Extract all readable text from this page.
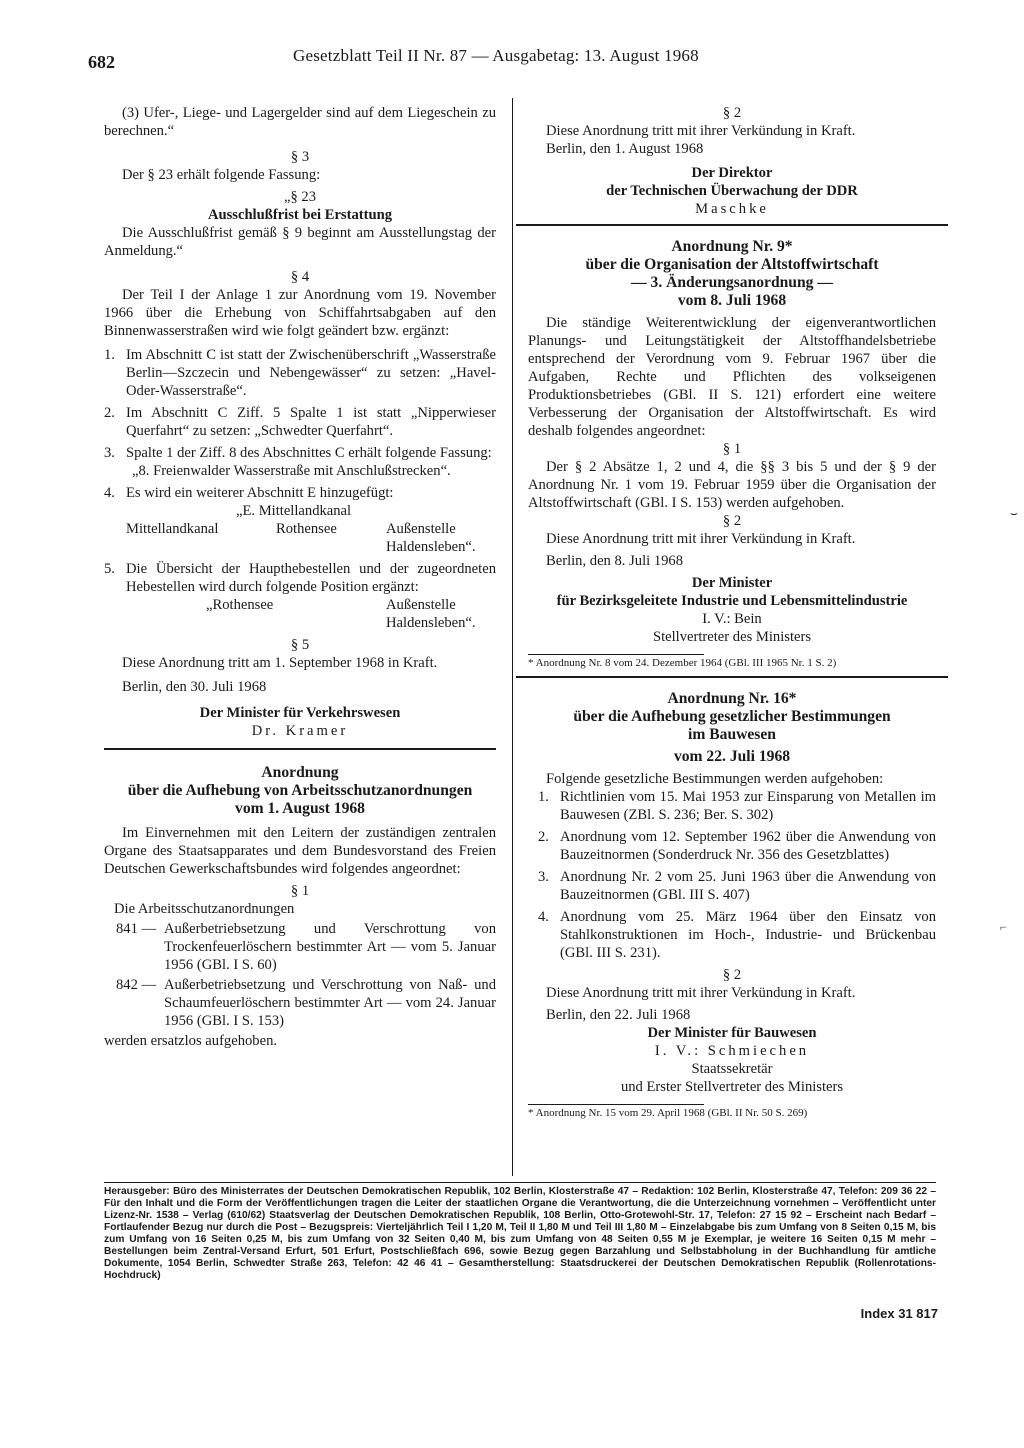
682	Gesetzblatt Teil II Nr. 87 — Ausgabetag: 13. August 1968

(3) Ufer-, Liege- und Lagergelder sind auf dem Liegeschein zu berechnen.“

§ 3

Der § 23 erhält folgende Fassung:

„§ 23
Ausschlußfrist bei Erstattung

Die Ausschlußfrist gemäß § 9 beginnt am Ausstellungstag der Anmeldung.“

§ 4

Der Teil I der Anlage 1 zur Anordnung vom 19. November 1966 über die Erhebung von Schiffahrtsabgaben auf den Binnenwasserstraßen wird wie folgt geändert bzw. ergänzt:

1. Im Abschnitt C ist statt der Zwischenüberschrift „Wasserstraße Berlin—Szczecin und Nebengewässer“ zu setzen: „Havel-Oder-Wasserstraße“.
2. Im Abschnitt C Ziff. 5 Spalte 1 ist statt „Nipperwieser Querfahrt“ zu setzen: „Schwedter Querfahrt“.
3. Spalte 1 der Ziff. 8 des Abschnittes C erhält folgende Fassung:
„8. Freienwalder Wasserstraße mit Anschlußstrecken“.
4. Es wird ein weiterer Abschnitt E hinzugefügt:
„E. Mittellandkanal
Mittellandkanal	Rothensee	Außenstelle Haldensleben“.
5. Die Übersicht der Haupthebestellen und der zugeordneten Hebestellen wird durch folgende Position ergänzt:
„Rothensee	Außenstelle Haldensleben“.
§ 5

Diese Anordnung tritt am 1. September 1968 in Kraft.

Berlin, den 30. Juli 1968

Der Minister für Verkehrswesen
Dr. Kramer
Anordnung
über die Aufhebung von Arbeitsschutzanordnungen
vom 1. August 1968

Im Einvernehmen mit den Leitern der zuständigen zentralen Organe des Staatsapparates und dem Bundesvorstand des Freien Deutschen Gewerkschaftsbundes wird folgendes angeordnet:

§ 1

Die Arbeitsschutzanordnungen

841 — Außerbetriebsetzung und Verschrottung von Trockenfeuerlöschern bestimmter Art — vom 5. Januar 1956 (GBl. I S. 60)
842 — Außerbetriebsetzung und Verschrottung von Naß- und Schaumfeuerlöschern bestimmter Art — vom 24. Januar 1956 (GBl. I S. 153)

werden ersatzlos aufgehoben.

§ 2

Diese Anordnung tritt mit ihrer Verkündung in Kraft.

Berlin, den 1. August 1968

Der Direktor
der Technischen Überwachung der DDR
Maschke
Anordnung Nr. 9*
über die Organisation der Altstoffwirtschaft
— 3. Änderungsanordnung —
vom 8. Juli 1968

Die ständige Weiterentwicklung der eigenverantwortlichen Planungs- und Leitungstätigkeit der Altstoffhandelsbetriebe entsprechend der Verordnung vom 9. Februar 1967 über die Aufgaben, Rechte und Pflichten des volkseigenen Produktionsbetriebes (GBl. II S. 121) erfordert eine weitere Verbesserung der Organisation der Altstoffwirtschaft. Es wird deshalb folgendes angeordnet:

§ 1

Der § 2 Absätze 1, 2 und 4, die §§ 3 bis 5 und der § 9 der Anordnung Nr. 1 vom 19. Februar 1959 über die Organisation der Altstoffwirtschaft (GBl. I S. 153) werden aufgehoben.

§ 2

Diese Anordnung tritt mit ihrer Verkündung in Kraft.

Berlin, den 8. Juli 1968

Der Minister
für Bezirksgeleitete Industrie und Lebensmittelindustrie
I. V.: Bein
Stellvertreter des Ministers
* Anordnung Nr. 8 vom 24. Dezember 1964 (GBl. III 1965 Nr. 1 S. 2)
Anordnung Nr. 16*
über die Aufhebung gesetzlicher Bestimmungen
im Bauwesen
vom 22. Juli 1968

Folgende gesetzliche Bestimmungen werden aufgehoben:

1. Richtlinien vom 15. Mai 1953 zur Einsparung von Metallen im Bauwesen (ZBl. S. 236; Ber. S. 302)
2. Anordnung vom 12. September 1962 über die Anwendung von Bauzeitnormen (Sonderdruck Nr. 356 des Gesetzblattes)
3. Anordnung Nr. 2 vom 25. Juni 1963 über die Anwendung von Bauzeitnormen (GBl. III S. 407)
4. Anordnung vom 25. März 1964 über den Einsatz von Stahlkonstruktionen im Hoch-, Industrie- und Brückenbau (GBl. III S. 231).
§ 2

Diese Anordnung tritt mit ihrer Verkündung in Kraft.

Berlin, den 22. Juli 1968

Der Minister für Bauwesen
I. V.: Schmiechen
Staatssekretär
und Erster Stellvertreter des Ministers
* Anordnung Nr. 15 vom 29. April 1968 (GBl. II Nr. 50 S. 269)
Herausgeber: Büro des Ministerrates der Deutschen Demokratischen Republik, 102 Berlin, Klosterstraße 47 – Redaktion: 102 Berlin, Klosterstraße 47, Telefon: 209 36 22 – Für den Inhalt und die Form der Veröffentlichungen tragen die Leiter der staatlichen Organe die Verantwortung, die die Unterzeichnung vornehmen – Veröffentlicht unter Lizenz-Nr. 1538 – Verlag (610/62) Staatsverlag der Deutschen Demokratischen Republik, 108 Berlin, Otto-Grotewohl-Str. 17, Telefon: 27 15 92 – Erscheint nach Bedarf – Fortlaufender Bezug nur durch die Post – Bezugspreis: Vierteljährlich Teil I 1,20 M, Teil II 1,80 M und Teil III 1,80 M – Einzelabgabe bis zum Umfang von 8 Seiten 0,15 M, bis zum Umfang von 16 Seiten 0,25 M, bis zum Umfang von 32 Seiten 0,40 M, bis zum Umfang von 48 Seiten 0,55 M je Exemplar, je weitere 16 Seiten 0,15 M mehr – Bestellungen beim Zentral-Versand Erfurt, 501 Erfurt, Postschließfach 696, sowie Bezug gegen Barzahlung und Selbstabholung in der Buchhandlung für amtliche Dokumente, 1054 Berlin, Schwedter Straße 263, Telefon: 42 46 41 – Gesamtherstellung: Staatsdruckerei der Deutschen Demokratischen Republik (Rollenrotations-Hochdruck)
Index 31 817
⌣
⌐
